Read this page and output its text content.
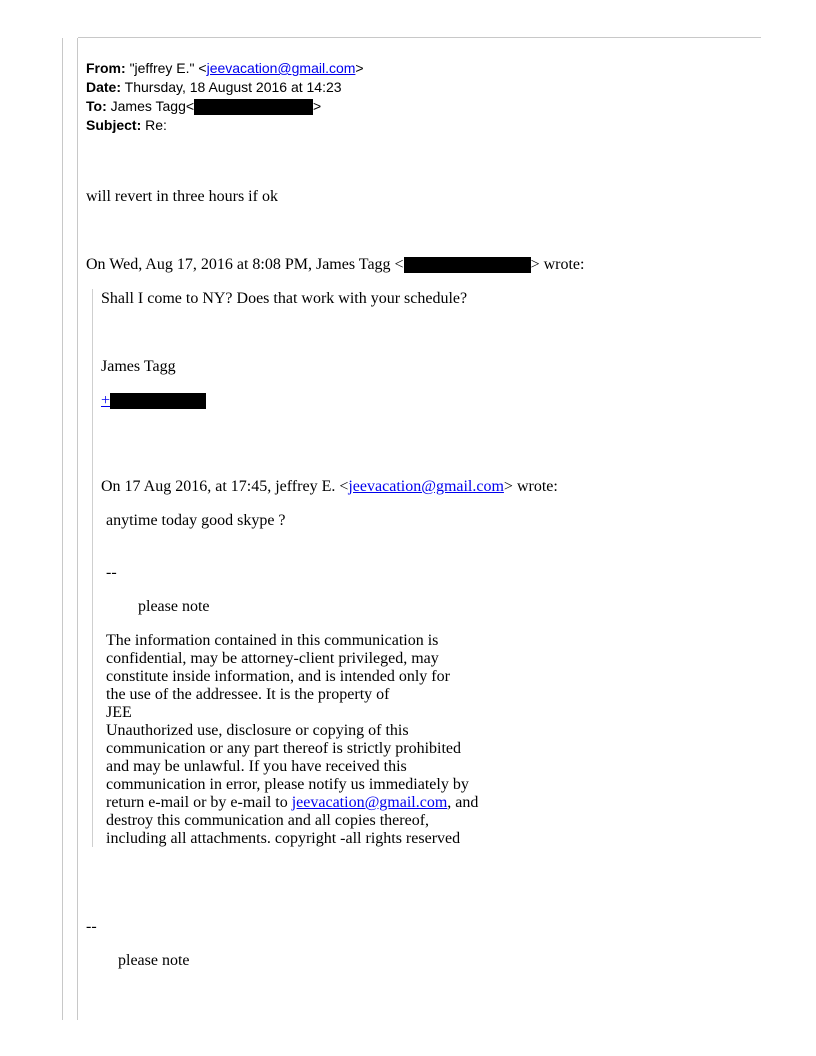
From: "jeffrey E." <jeevacation@gmail.com>
Date: Thursday, 18 August 2016 at 14:23
To: James Tagg<	>
Subject: Re:
will revert in three hours if ok
On Wed, Aug 17, 2016 at 8:08 PM, James Tagg <	> wrote:
Shall I come to NY? Does that work with your schedule?
James Tagg
+
On 17 Aug 2016, at 17:45, jeffrey E. <jeevacation@gmail.com> wrote:
anytime today good skype ?
--
please note
The information contained in this communication is
confidential, may be attorney-client privileged, may
constitute inside information, and is intended only for
the use of the addressee. It is the property of
JEE
Unauthorized use, disclosure or copying of this
communication or any part thereof is strictly prohibited
and may be unlawful. If you have received this
communication in error, please notify us immediately by
return e-mail or by e-mail to jeevacation@gmail.com, and
destroy this communication and all copies thereof,
including all attachments. copyright -all rights reserved
--
please note
